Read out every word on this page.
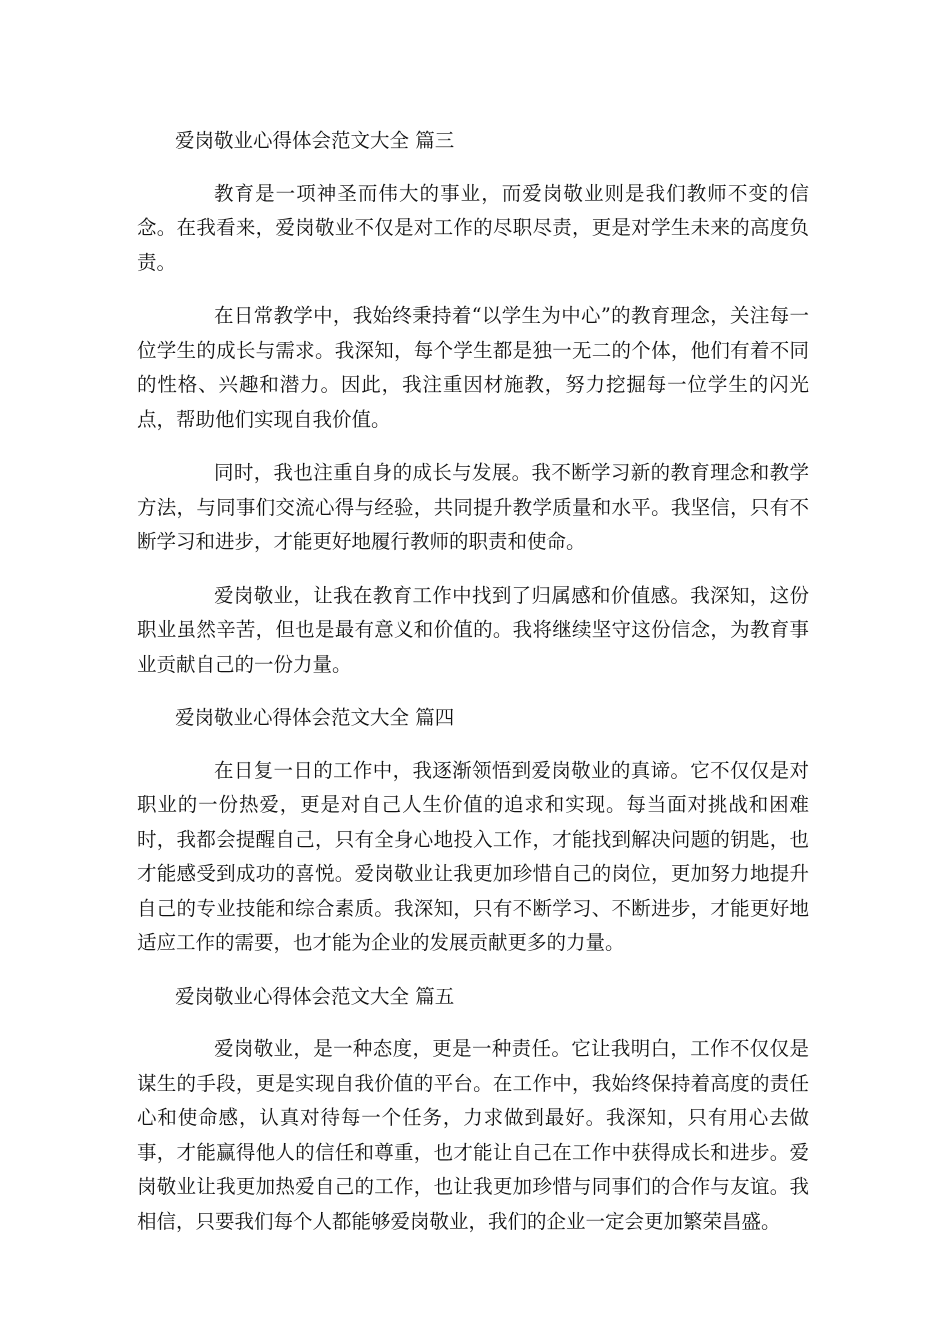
爱岗敬业心得体会范文大全 篇三

教育是一项神圣而伟大的事业，而爱岗敬业则是我们教师不变的信念。在我看来，爱岗敬业不仅是对工作的尽职尽责，更是对学生未来的高度负责。

在日常教学中，我始终秉持着“以学生为中心”的教育理念，关注每一位学生的成长与需求。我深知，每个学生都是独一无二的个体，他们有着不同的性格、兴趣和潜力。因此，我注重因材施教，努力挖掘每一位学生的闪光点，帮助他们实现自我价值。

同时，我也注重自身的成长与发展。我不断学习新的教育理念和教学方法，与同事们交流心得与经验，共同提升教学质量和水平。我坚信，只有不断学习和进步，才能更好地履行教师的职责和使命。

爱岗敬业，让我在教育工作中找到了归属感和价值感。我深知，这份职业虽然辛苦，但也是最有意义和价值的。我将继续坚守这份信念，为教育事业贡献自己的一份力量。

爱岗敬业心得体会范文大全 篇四

在日复一日的工作中，我逐渐领悟到爱岗敬业的真谛。它不仅仅是对职业的一份热爱，更是对自己人生价值的追求和实现。每当面对挑战和困难时，我都会提醒自己，只有全身心地投入工作，才能找到解决问题的钥匙，也才能感受到成功的喜悦。爱岗敬业让我更加珍惜自己的岗位，更加努力地提升自己的专业技能和综合素质。我深知，只有不断学习、不断进步，才能更好地适应工作的需要，也才能为企业的发展贡献更多的力量。

爱岗敬业心得体会范文大全 篇五

爱岗敬业，是一种态度，更是一种责任。它让我明白，工作不仅仅是谋生的手段，更是实现自我价值的平台。在工作中，我始终保持着高度的责任心和使命感，认真对待每一个任务，力求做到最好。我深知，只有用心去做事，才能赢得他人的信任和尊重，也才能让自己在工作中获得成长和进步。爱岗敬业让我更加热爱自己的工作，也让我更加珍惜与同事们的合作与友谊。我相信，只要我们每个人都能够爱岗敬业，我们的企业一定会更加繁荣昌盛。
